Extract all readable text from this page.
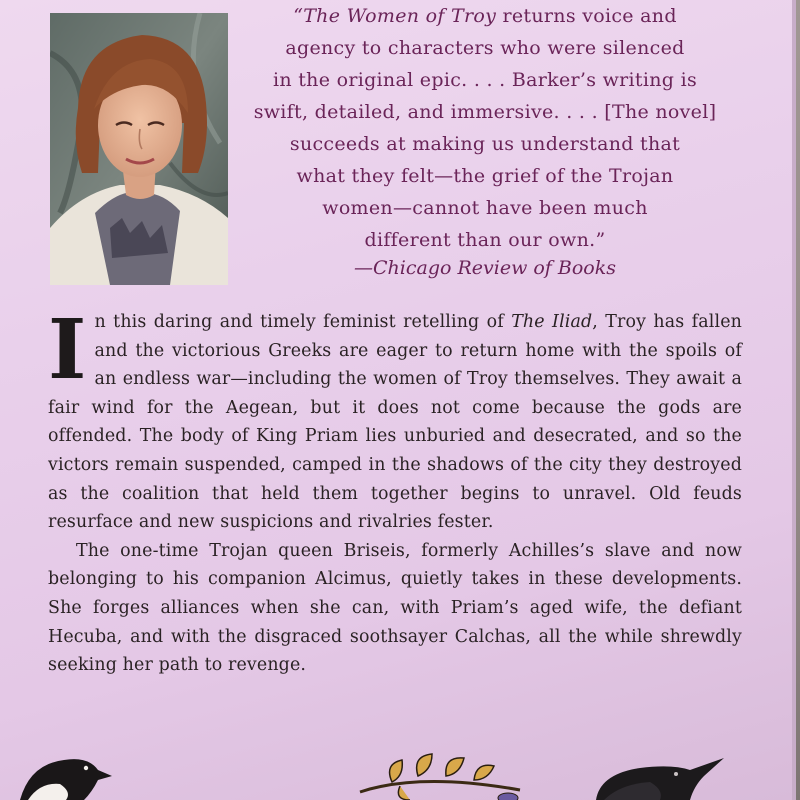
“The Women of Troy returns voice and

agency to characters who were silenced

in the original epic. . . . Barker’s writing is

swift, detailed, and immersive. . . . [The novel]

succeeds at making us understand that

what they felt—the grief of the Trojan

women—cannot have been much

different than our own.”

—Chicago Review of Books

In this daring and timely feminist retelling of The Iliad, Troy has fallen and the victorious Greeks are eager to return home with the spoils of an endless war—including the women of Troy themselves. They await a fair wind for the Aegean, but it does not come because the gods are offended. The body of King Priam lies unburied and desecrated, and so the victors remain suspended, camped in the shadows of the city they destroyed as the coalition that held them together begins to unravel. Old feuds resurface and new suspicions and rivalries fester.

The one-time Trojan queen Briseis, formerly Achilles’s slave and now belonging to his companion Alcimus, quietly takes in these developments. She forges alliances when she can, with Priam’s aged wife, the defiant Hecuba, and with the disgraced soothsayer Calchas, all the while shrewdly seeking her path to revenge.
